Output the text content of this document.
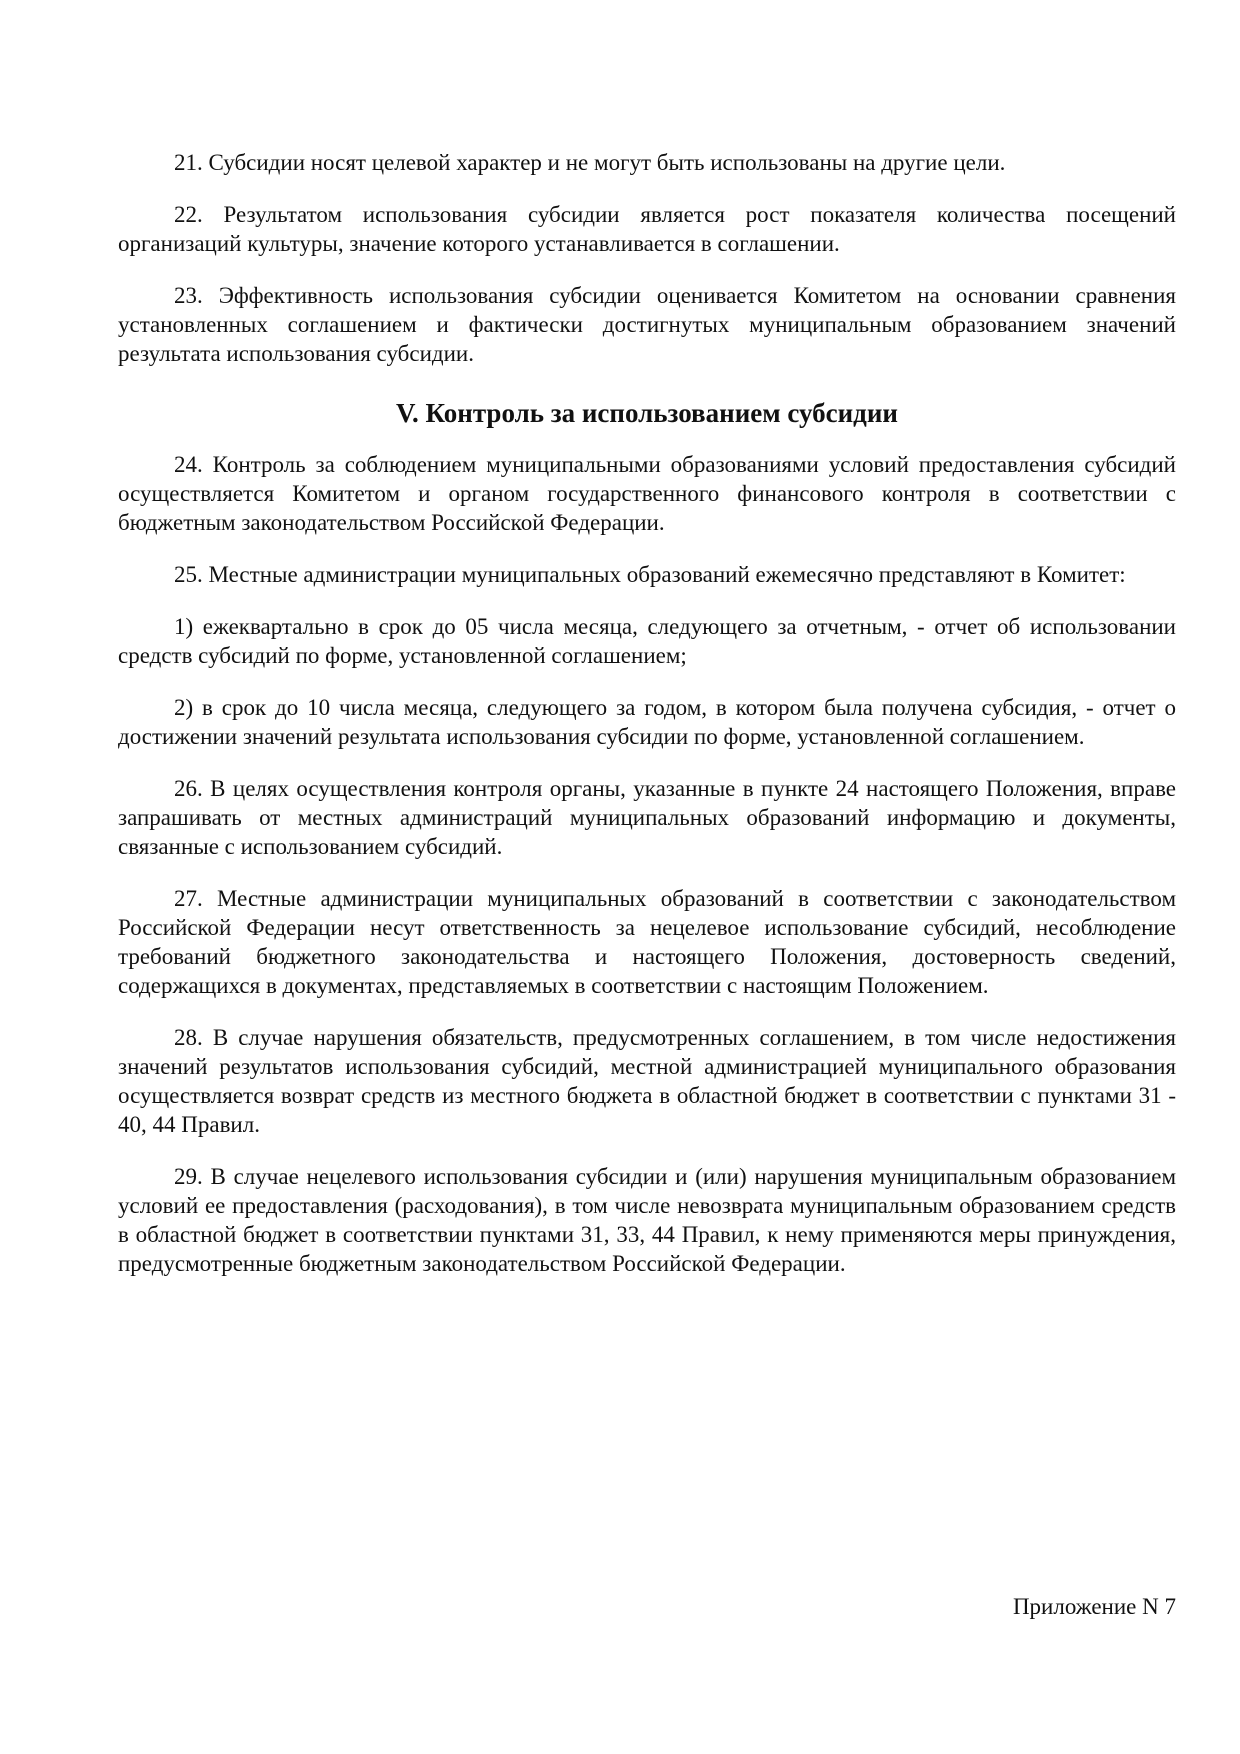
21. Субсидии носят целевой характер и не могут быть использованы на другие цели.

22. Результатом использования субсидии является рост показателя количества посещений организаций культуры, значение которого устанавливается в соглашении.

23. Эффективность использования субсидии оценивается Комитетом на основании сравнения установленных соглашением и фактически достигнутых муниципальным образованием значений результата использования субсидии.

V. Контроль за использованием субсидии

24. Контроль за соблюдением муниципальными образованиями условий предоставления субсидий осуществляется Комитетом и органом государственного финансового контроля в соответствии с бюджетным законодательством Российской Федерации.

25. Местные администрации муниципальных образований ежемесячно представляют в Комитет:

1) ежеквартально в срок до 05 числа месяца, следующего за отчетным, - отчет об использовании средств субсидий по форме, установленной соглашением;

2) в срок до 10 числа месяца, следующего за годом, в котором была получена субсидия, - отчет о достижении значений результата использования субсидии по форме, установленной соглашением.

26. В целях осуществления контроля органы, указанные в пункте 24 настоящего Положения, вправе запрашивать от местных администраций муниципальных образований информацию и документы, связанные с использованием субсидий.

27. Местные администрации муниципальных образований в соответствии с законодательством Российской Федерации несут ответственность за нецелевое использование субсидий, несоблюдение требований бюджетного законодательства и настоящего Положения, достоверность сведений, содержащихся в документах, представляемых в соответствии с настоящим Положением.

28. В случае нарушения обязательств, предусмотренных соглашением, в том числе недостижения значений результатов использования субсидий, местной администрацией муниципального образования осуществляется возврат средств из местного бюджета в областной бюджет в соответствии с пунктами 31 - 40, 44 Правил.

29. В случае нецелевого использования субсидии и (или) нарушения муниципальным образованием условий ее предоставления (расходования), в том числе невозврата муниципальным образованием средств в областной бюджет в соответствии пунктами 31, 33, 44 Правил, к нему применяются меры принуждения, предусмотренные бюджетным законодательством Российской Федерации.

Приложение N 7
